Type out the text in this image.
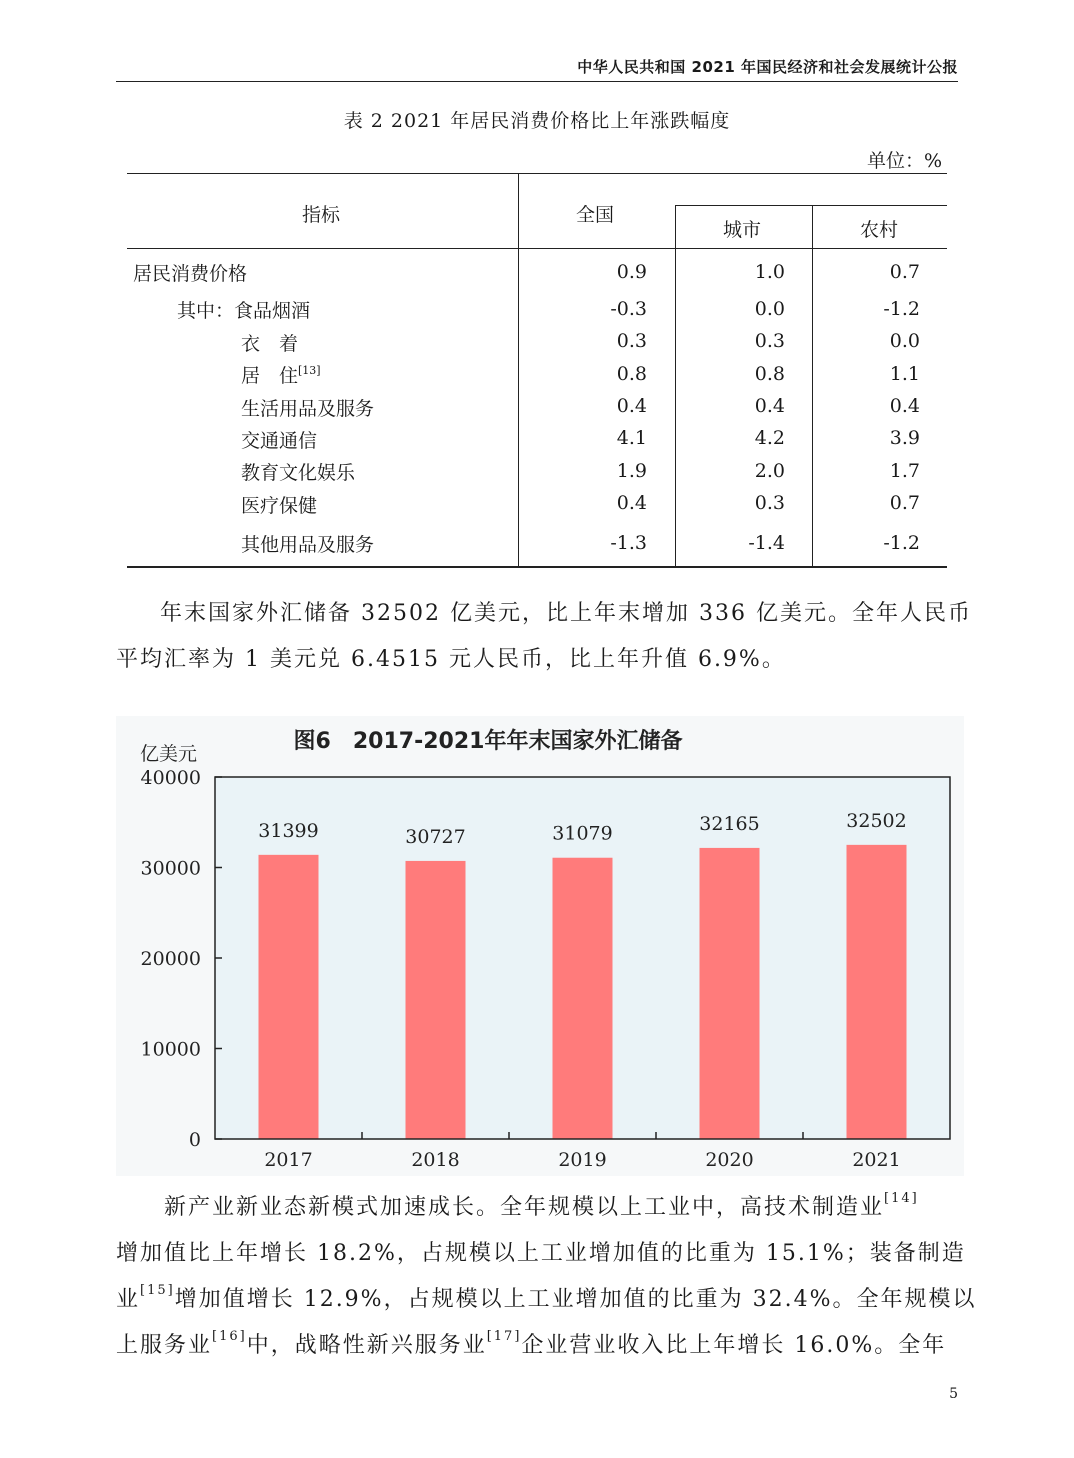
中华人民共和国 2021 年国民经济和社会发展统计公报
表 2 2021 年居民消费价格比上年涨跌幅度
单位：%
指标	全国
城市	农村
居民消费价格	0.9	1.0	0.7
其中：食品烟酒	-0.3	0.0	-1.2
衣　着	0.3	0.3	0.0
居　住[13]	0.8	0.8	1.1
生活用品及服务	0.4	0.4	0.4
交通通信	4.1	4.2	3.9
教育文化娱乐	1.9	2.0	1.7
医疗保健	0.4	0.3	0.7
其他用品及服务	-1.3	-1.4	-1.2
年末国家外汇储备 32502 亿美元，比上年末增加 336 亿美元。全年人民币
平均汇率为 1 美元兑 6.4515 元人民币，比上年升值 6.9%。
图6　2017-2021年年末国家外汇储备
亿美元
31399	30727	31079	32165	32502
2017	2018	2019	2020	2021
0
10000
20000
30000
40000
新产业新业态新模式加速成长。全年规模以上工业中，高技术制造业[14]
增加值比上年增长 18.2%，占规模以上工业增加值的比重为 15.1%；装备制造
业[15]增加值增长 12.9%，占规模以上工业增加值的比重为 32.4%。全年规模以
上服务业[16]中，战略性新兴服务业[17]企业营业收入比上年增长 16.0%。全年
5
